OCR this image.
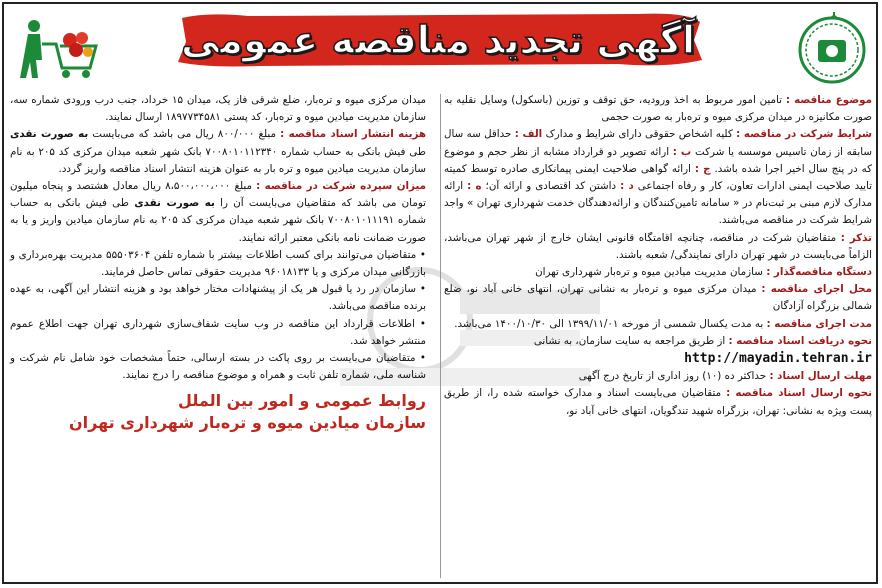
آگهی تجدید مناقصه عمومی

موضوع مناقصه : تامین امور مربوط به اخذ ورودیه، حق توقف و توزین (باسکول) وسایل نقلیه به صورت مکانیزه در میدان مرکزی میوه و تره‌بار به صورت حجمی

شرایط شرکت در مناقصه : کلیه اشخاص حقوقی دارای شرایط و مدارک الف : حداقل سه سال سابقه از زمان تاسیس موسسه یا شرکت ب : ارائه تصویر دو قرارداد مشابه از نظر حجم و موضوع که در پنج سال اخیر اجرا شده باشد. ج : ارائه گواهی صلاحیت ایمنی پیمانکاری صادره توسط کمیته تایید صلاحیت ایمنی ادارات تعاون، کار و رفاه اجتماعی د : داشتن کد اقتصادی و ارائه آن؛ ه : ارائه مدارک لازم مبنی بر ثبت‌نام در « سامانه تامین‌کنندگان و ارائه‌دهندگان خدمت شهرداری تهران » واجد شرایط شرکت در مناقصه می‌باشند.

تذکر : متقاضیان شرکت در مناقصه، چنانچه اقامتگاه قانونی ایشان خارج از شهر تهران می‌باشد، الزاماً می‌بایست در شهر تهران دارای نمایندگی/ شعبه باشند.

دستگاه مناقصه‌گذار : سازمان مدیریت میادین میوه و تره‌بار شهرداری تهران

محل اجرای مناقصه : میدان مرکزی میوه و تره‌بار به نشانی تهران، انتهای خانی آباد نو، ضلع شمالی بزرگراه آزادگان

مدت اجرای مناقصه : به مدت یکسال شمسی از مورخه ۱۳۹۹/۱۱/۰۱ الی ۱۴۰۰/۱۰/۳۰ می‌باشد.

نحوه دریافت اسناد مناقصه : از طریق مراجعه به سایت سازمان، به نشانی
http://mayadin.tehran.ir

مهلت ارسال اسناد : حداکثر ده (۱۰) روز اداری از تاریخ درج آگهی

نحوه ارسال اسناد مناقصه : متقاضیان می‌بایست اسناد و مدارک خواسته شده را، از طریق پست ویژه به نشانی: تهران، بزرگراه شهید تندگویان، انتهای خانی آباد نو،

میدان مرکزی میوه و تره‌بار، ضلع شرقی فاز یک، میدان ۱۵ خرداد، جنب درب ورودی شماره سه، سازمان مدیریت میادین میوه و تره‌بار، کد پستی ۱۸۹۷۷۳۴۵۸۱ ارسال نمایند.

هزینه انتشار اسناد مناقصه : مبلغ ۸۰۰/۰۰۰ ریال می باشد که می‌بایست به صورت نقدی طی فیش بانکی به حساب شماره ۷۰۰۸۰۱۰۱۱۲۳۴۰ بانک شهر شعبه میدان مرکزی کد ۲۰۵ به نام سازمان مدیریت میادین میوه و تره بار به عنوان هزینه انتشار اسناد مناقصه واریز گردد.

میزان سپرده شرکت در مناقصه : مبلغ ۸،۵۰۰،۰۰۰،۰۰۰ ریال معادل هشتصد و پنجاه میلیون تومان می باشد که متقاضیان می‌بایست آن را به صورت نقدی طی فیش بانکی به حساب شماره ۷۰۰۸۰۱۰۱۱۱۹۱ بانک شهر شعبه میدان مرکزی کد ۲۰۵ به نام سازمان میادین واریز و یا به صورت ضمانت نامه بانکی معتبر ارائه نمایند.

• متقاضیان می‌توانند برای کسب اطلاعات بیشتر با شماره تلفن ۵۵۵۰۳۶۰۴ مدیریت بهره‌برداری و بازرگانی میدان مرکزی و یا ۹۶۰۱۸۱۳۳ مدیریت حقوقی تماس حاصل فرمایند.

• سازمان در رد یا قبول هر یک از پیشنهادات مختار خواهد بود و هزینه انتشار این آگهی، به عهده برنده مناقصه می‌باشد.

• اطلاعات قرارداد این مناقصه در وب سایت شفاف‌سازی شهرداری تهران جهت اطلاع عموم منتشر خواهد شد.

• متقاضیان می‌بایست بر روی پاکت در بسته ارسالی، حتماً مشخصات خود شامل نام شرکت و شناسه ملی، شماره تلفن ثابت و همراه و موضوع مناقصه را درج نمایند.

روابط عمومی و امور بین الملل

سازمان میادین میوه و تره‌بار شهرداری تهران
